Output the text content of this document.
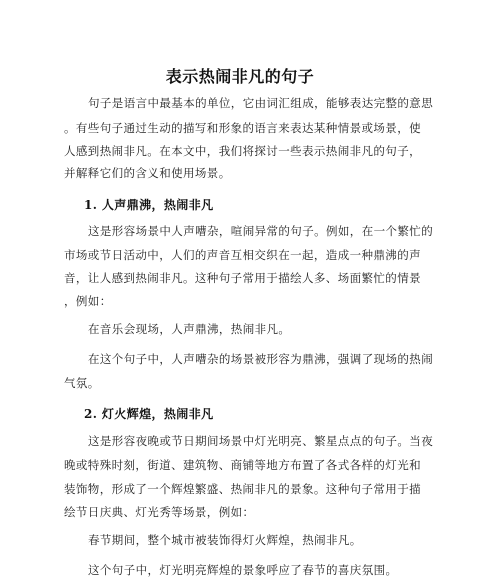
表示热闹非凡的句子
句子是语言中最基本的单位，它由词汇组成，能够表达完整的意思
。有些句子通过生动的描写和形象的语言来表达某种情景或场景，使
人感到热闹非凡。在本文中，我们将探讨一些表示热闹非凡的句子，
并解释它们的含义和使用场景。
1. 人声鼎沸，热闹非凡
这是形容场景中人声嘈杂，喧闹异常的句子。例如，在一个繁忙的
市场或节日活动中，人们的声音互相交织在一起，造成一种鼎沸的声
音，让人感到热闹非凡。这种句子常用于描绘人多、场面繁忙的情景
，例如：
在音乐会现场，人声鼎沸，热闹非凡。
在这个句子中，人声嘈杂的场景被形容为鼎沸，强调了现场的热闹
气氛。
2. 灯火辉煌，热闹非凡
这是形容夜晚或节日期间场景中灯光明亮、繁星点点的句子。当夜
晚或特殊时刻，街道、建筑物、商铺等地方布置了各式各样的灯光和
装饰物，形成了一个辉煌繁盛、热闹非凡的景象。这种句子常用于描
绘节日庆典、灯光秀等场景，例如：
春节期间，整个城市被装饰得灯火辉煌，热闹非凡。
这个句子中，灯光明亮辉煌的景象呼应了春节的喜庆氛围。
